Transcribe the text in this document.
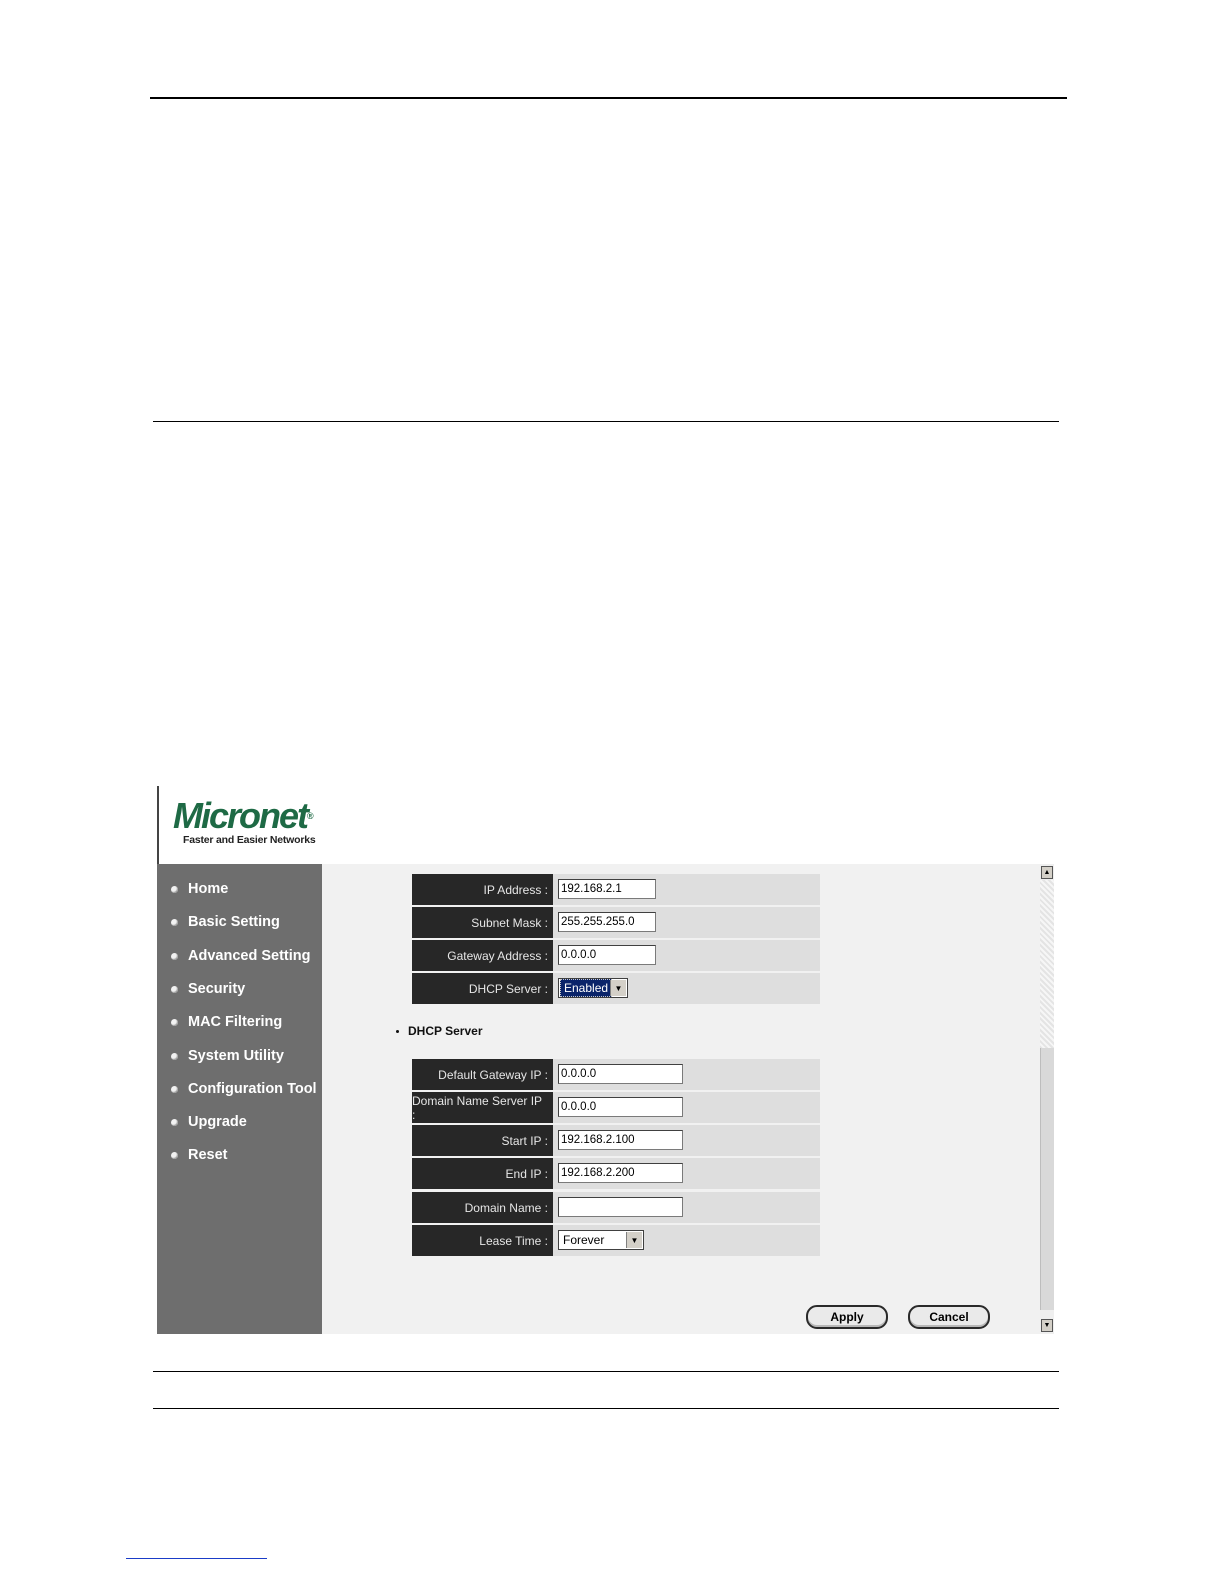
Micronet®
Faster and Easier Networks
Home
Basic Setting
Advanced Setting
Security
MAC Filtering
System Utility
Configuration Tool
Upgrade
Reset
IP Address :
192.168.2.1
Subnet Mask :
255.255.255.0
Gateway Address :
0.0.0.0
DHCP Server :	Enabled ▼
DHCP Server
Default Gateway IP :
0.0.0.0
Domain Name Server IP :
0.0.0.0
Start IP :
192.168.2.100
End IP :
192.168.2.200
Domain Name :
Lease Time :	Forever	▼
Apply	Cancel
▲
▼
